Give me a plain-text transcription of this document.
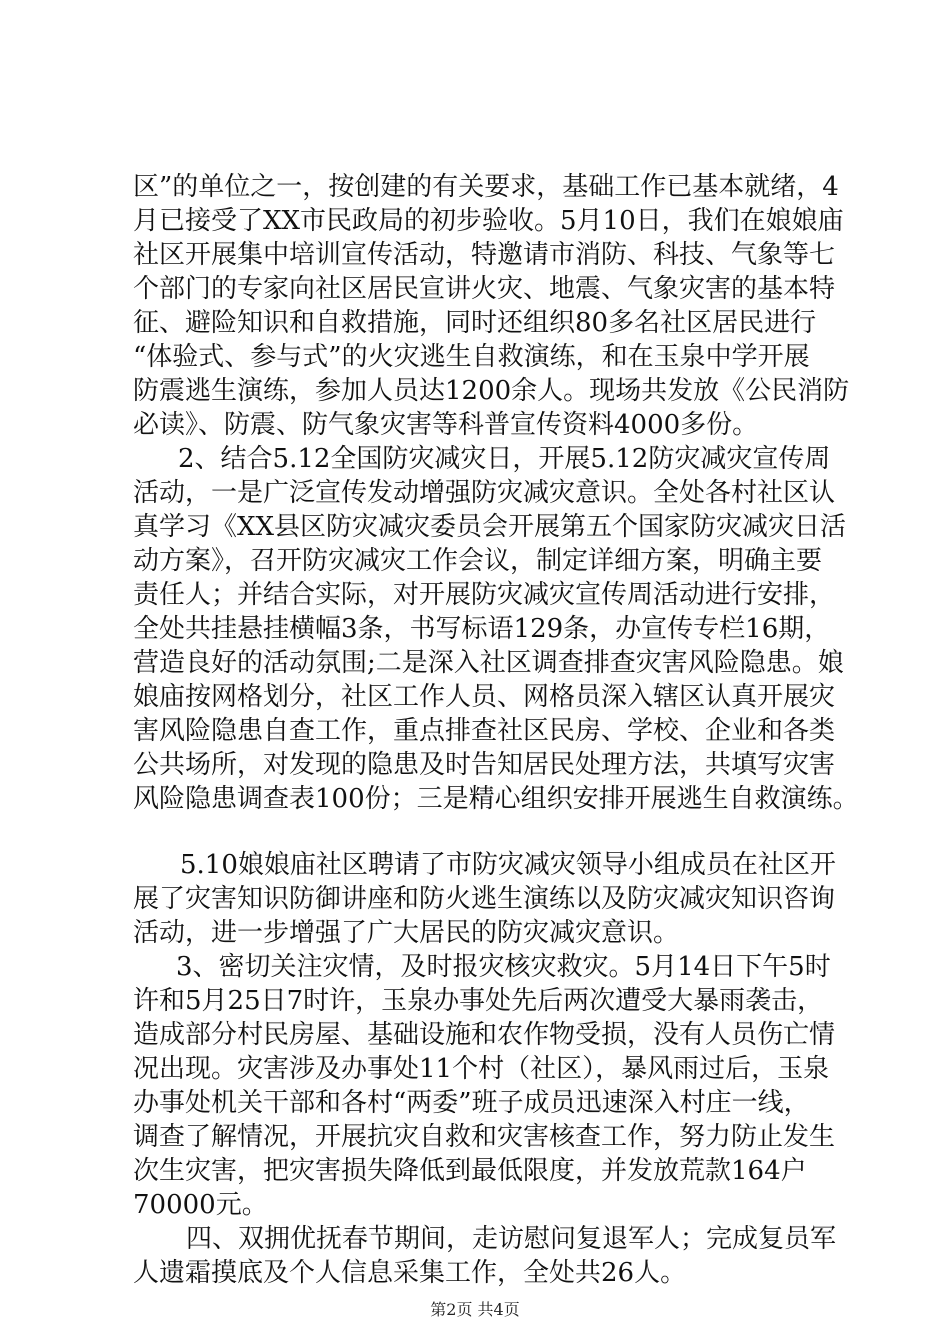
区”的单位之一，按创建的有关要求，基础工作已基本就绪，4
月已接受了XX市民政局的初步验收。5月10日，我们在娘娘庙
社区开展集中培训宣传活动，特邀请市消防、科技、气象等七
个部门的专家向社区居民宣讲火灾、地震、气象灾害的基本特
征、避险知识和自救措施，同时还组织80多名社区居民进行
“体验式、参与式”的火灾逃生自救演练，和在玉泉中学开展
防震逃生演练，参加人员达1200余人。现场共发放《公民消防
必读》、防震、防气象灾害等科普宣传资料4000多份。
2、结合5.12全国防灾减灾日，开展5.12防灾减灾宣传周
活动，一是广泛宣传发动增强防灾减灾意识。全处各村社区认
真学习《XX县区防灾减灾委员会开展第五个国家防灾减灾日活
动方案》，召开防灾减灾工作会议，制定详细方案，明确主要
责任人；并结合实际，对开展防灾减灾宣传周活动进行安排，
全处共挂悬挂横幅3条，书写标语129条，办宣传专栏16期，
营造良好的活动氛围;二是深入社区调查排查灾害风险隐患。娘
娘庙按网格划分，社区工作人员、网格员深入辖区认真开展灾
害风险隐患自查工作，重点排查社区民房、学校、企业和各类
公共场所，对发现的隐患及时告知居民处理方法，共填写灾害
风险隐患调查表100份；三是精心组织安排开展逃生自救演练。
5.10娘娘庙社区聘请了市防灾减灾领导小组成员在社区开
展了灾害知识防御讲座和防火逃生演练以及防灾减灾知识咨询
活动，进一步增强了广大居民的防灾减灾意识。
3、密切关注灾情，及时报灾核灾救灾。5月14日下午5时
许和5月25日7时许，玉泉办事处先后两次遭受大暴雨袭击，
造成部分村民房屋、基础设施和农作物受损，没有人员伤亡情
况出现。灾害涉及办事处11个村（社区），暴风雨过后，玉泉
办事处机关干部和各村“两委”班子成员迅速深入村庄一线，
调查了解情况，开展抗灾自救和灾害核查工作，努力防止发生
次生灾害，把灾害损失降低到最低限度，并发放荒款164户
70000元。
四、双拥优抚春节期间，走访慰问复退军人；完成复员军
人遗霜摸底及个人信息采集工作，全处共26人。
第2页 共4页
